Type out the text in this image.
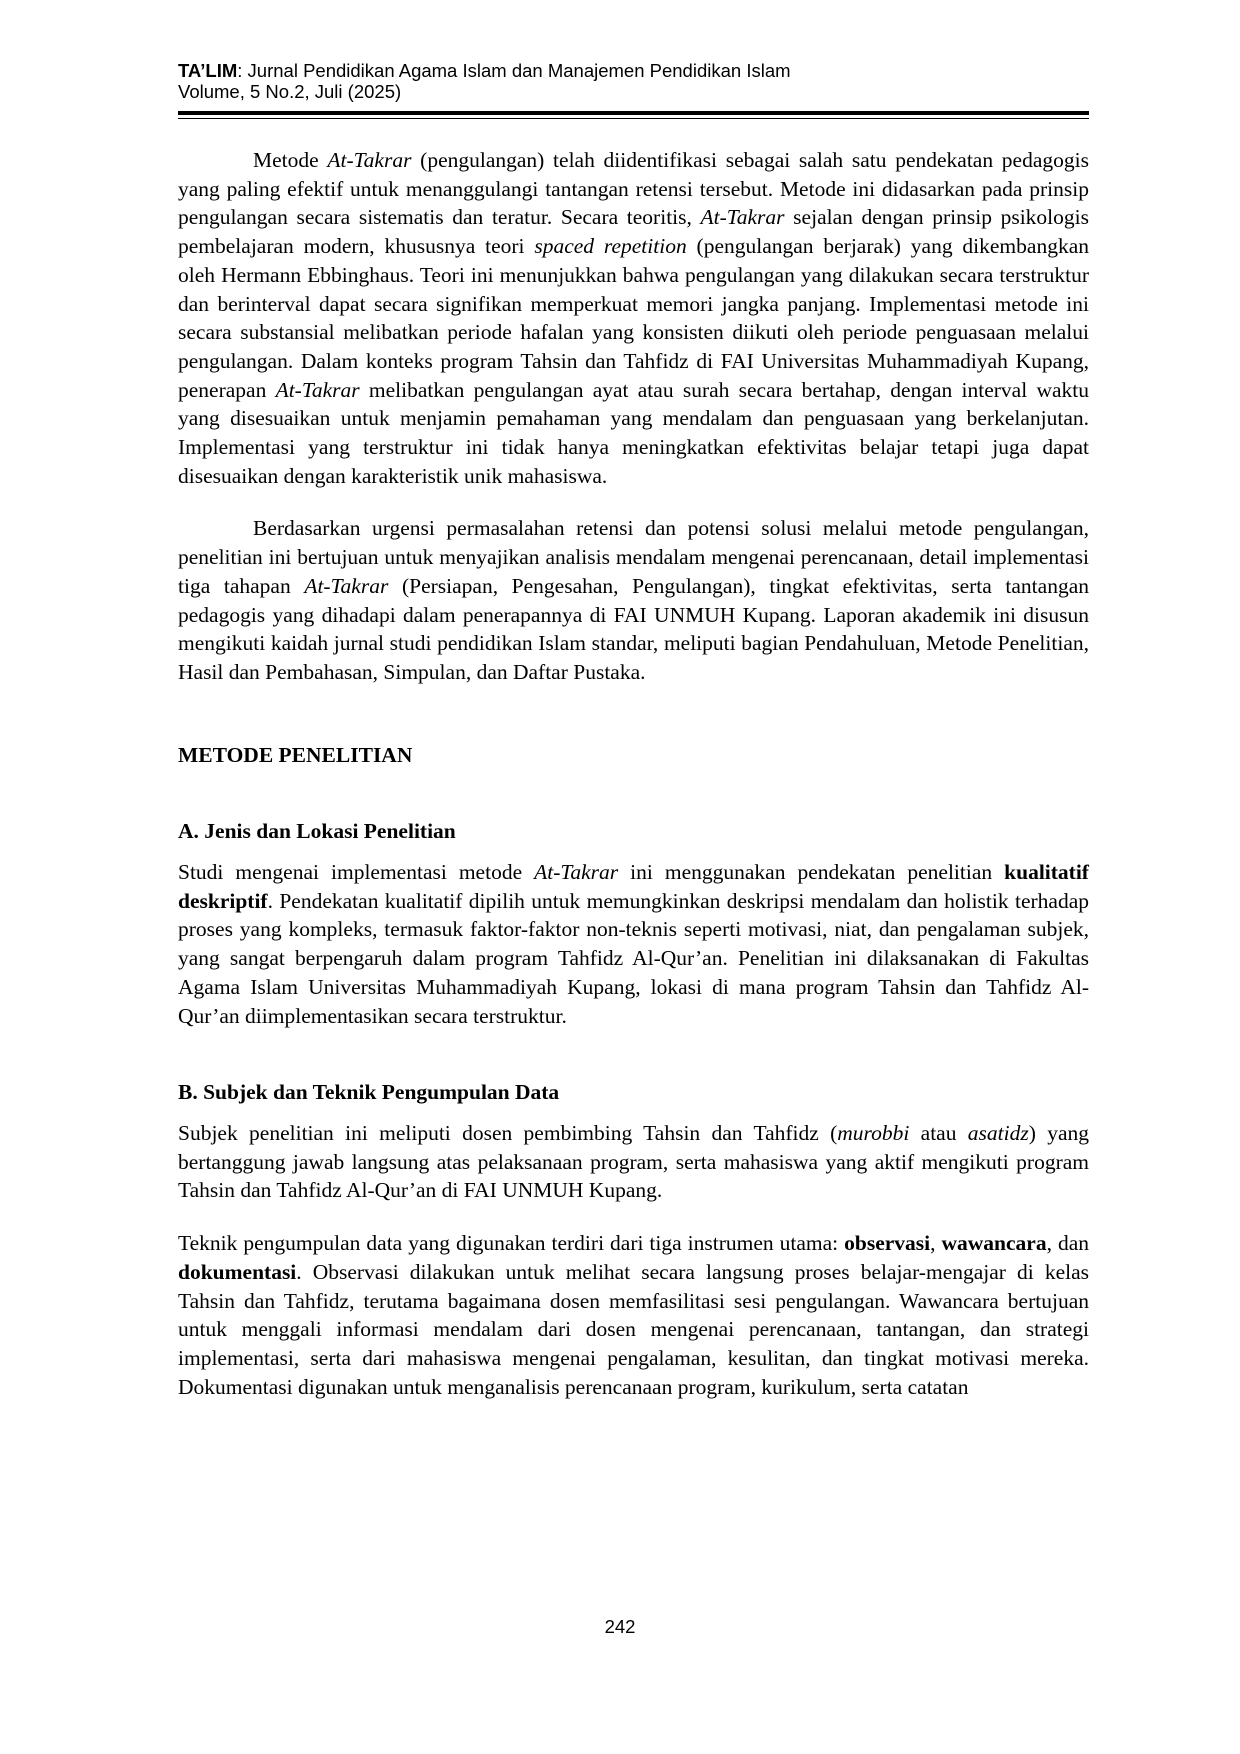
TA’LIM: Jurnal Pendidikan Agama Islam dan Manajemen Pendidikan Islam
Volume, 5 No.2, Juli (2025)

Metode At-Takrar (pengulangan) telah diidentifikasi sebagai salah satu pendekatan pedagogis yang paling efektif untuk menanggulangi tantangan retensi tersebut. Metode ini didasarkan pada prinsip pengulangan secara sistematis dan teratur. Secara teoritis, At-Takrar sejalan dengan prinsip psikologis pembelajaran modern, khususnya teori spaced repetition (pengulangan berjarak) yang dikembangkan oleh Hermann Ebbinghaus. Teori ini menunjukkan bahwa pengulangan yang dilakukan secara terstruktur dan berinterval dapat secara signifikan memperkuat memori jangka panjang. Implementasi metode ini secara substansial melibatkan periode hafalan yang konsisten diikuti oleh periode penguasaan melalui pengulangan. Dalam konteks program Tahsin dan Tahfidz di FAI Universitas Muhammadiyah Kupang, penerapan At-Takrar melibatkan pengulangan ayat atau surah secara bertahap, dengan interval waktu yang disesuaikan untuk menjamin pemahaman yang mendalam dan penguasaan yang berkelanjutan. Implementasi yang terstruktur ini tidak hanya meningkatkan efektivitas belajar tetapi juga dapat disesuaikan dengan karakteristik unik mahasiswa.

Berdasarkan urgensi permasalahan retensi dan potensi solusi melalui metode pengulangan, penelitian ini bertujuan untuk menyajikan analisis mendalam mengenai perencanaan, detail implementasi tiga tahapan At-Takrar (Persiapan, Pengesahan, Pengulangan), tingkat efektivitas, serta tantangan pedagogis yang dihadapi dalam penerapannya di FAI UNMUH Kupang. Laporan akademik ini disusun mengikuti kaidah jurnal studi pendidikan Islam standar, meliputi bagian Pendahuluan, Metode Penelitian, Hasil dan Pembahasan, Simpulan, dan Daftar Pustaka.

METODE PENELITIAN

A. Jenis dan Lokasi Penelitian

Studi mengenai implementasi metode At-Takrar ini menggunakan pendekatan penelitian kualitatif deskriptif. Pendekatan kualitatif dipilih untuk memungkinkan deskripsi mendalam dan holistik terhadap proses yang kompleks, termasuk faktor-faktor non-teknis seperti motivasi, niat, dan pengalaman subjek, yang sangat berpengaruh dalam program Tahfidz Al-Qur’an. Penelitian ini dilaksanakan di Fakultas Agama Islam Universitas Muhammadiyah Kupang, lokasi di mana program Tahsin dan Tahfidz Al-Qur’an diimplementasikan secara terstruktur.

B. Subjek dan Teknik Pengumpulan Data

Subjek penelitian ini meliputi dosen pembimbing Tahsin dan Tahfidz (murobbi atau asatidz) yang bertanggung jawab langsung atas pelaksanaan program, serta mahasiswa yang aktif mengikuti program Tahsin dan Tahfidz Al-Qur’an di FAI UNMUH Kupang.

Teknik pengumpulan data yang digunakan terdiri dari tiga instrumen utama: observasi, wawancara, dan dokumentasi. Observasi dilakukan untuk melihat secara langsung proses belajar-mengajar di kelas Tahsin dan Tahfidz, terutama bagaimana dosen memfasilitasi sesi pengulangan. Wawancara bertujuan untuk menggali informasi mendalam dari dosen mengenai perencanaan, tantangan, dan strategi implementasi, serta dari mahasiswa mengenai pengalaman, kesulitan, dan tingkat motivasi mereka. Dokumentasi digunakan untuk menganalisis perencanaan program, kurikulum, serta catatan

242
